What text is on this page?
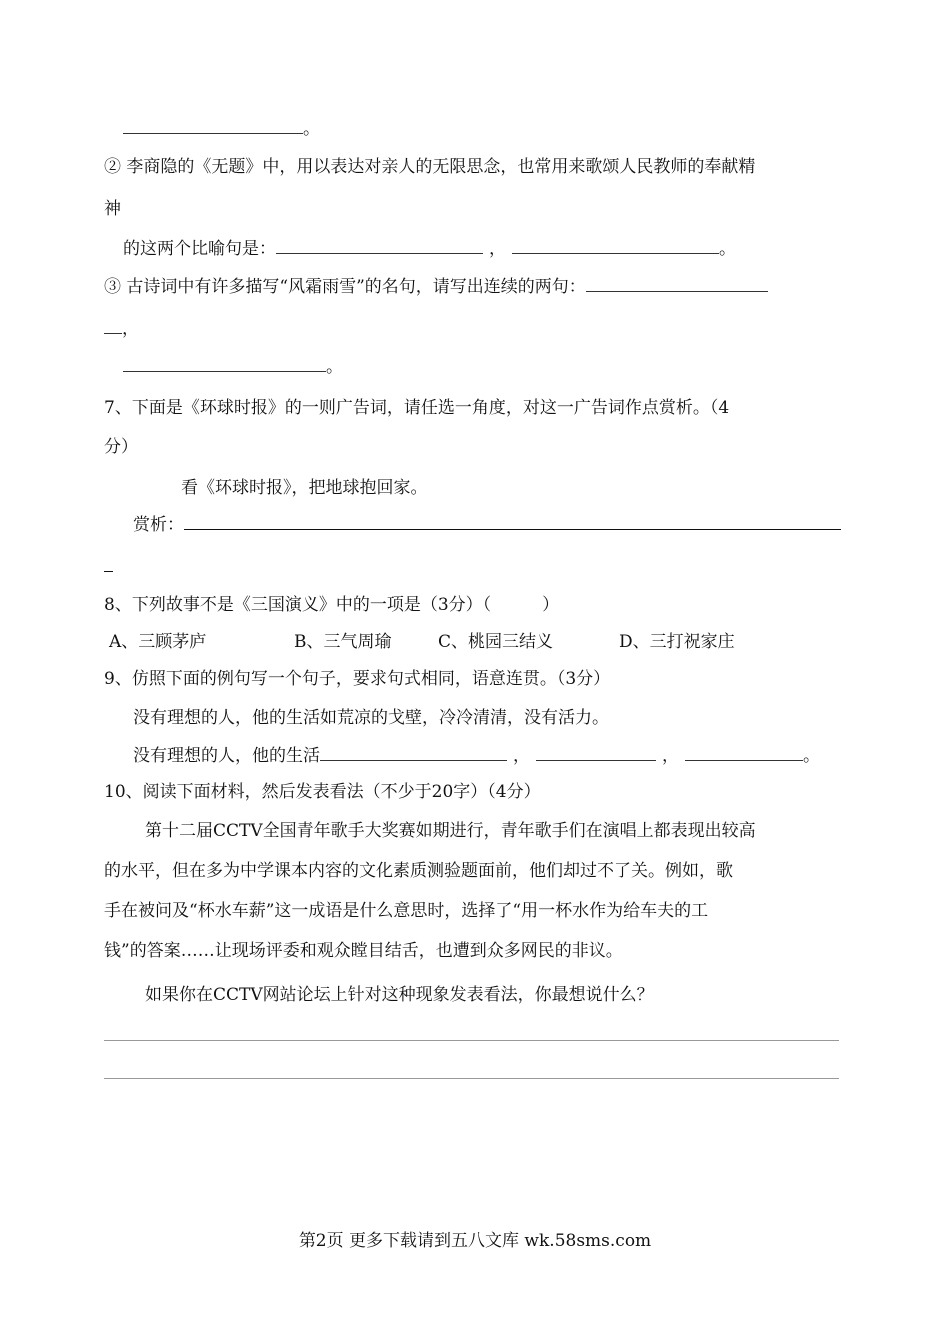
。
② 李商隐的《无题》中，用以表达对亲人的无限思念，也常用来歌颂人民教师的奉献精
神
的这两个比喻句是：	，	。
③ 古诗词中有许多描写“风霜雨雪”的名句，请写出连续的两句：
，
。
7、下面是《环球时报》的一则广告词，请任选一角度，对这一广告词作点赏析。（4
分）
看《环球时报》，把地球抱回家。
赏析：
8、下列故事不是《三国演义》中的一项是（3分）（　　　）
A、三顾茅庐	B、三气周瑜	C、桃园三结义	D、三打祝家庄
9、仿照下面的例句写一个句子，要求句式相同，语意连贯。（3分）
没有理想的人，他的生活如荒凉的戈壁，冷冷清清，没有活力。
没有理想的人，他的生活	，	，	。
10、阅读下面材料，然后发表看法（不少于20字）（4分）
第十二届CCTV全国青年歌手大奖赛如期进行，青年歌手们在演唱上都表现出较高
的水平，但在多为中学课本内容的文化素质测验题面前，他们却过不了关。例如，歌
手在被问及“杯水车薪”这一成语是什么意思时，选择了“用一杯水作为给车夫的工
钱”的答案……让现场评委和观众瞠目结舌，也遭到众多网民的非议。
如果你在CCTV网站论坛上针对这种现象发表看法，你最想说什么？
第2页 更多下载请到五八文库 wk.58sms.com
